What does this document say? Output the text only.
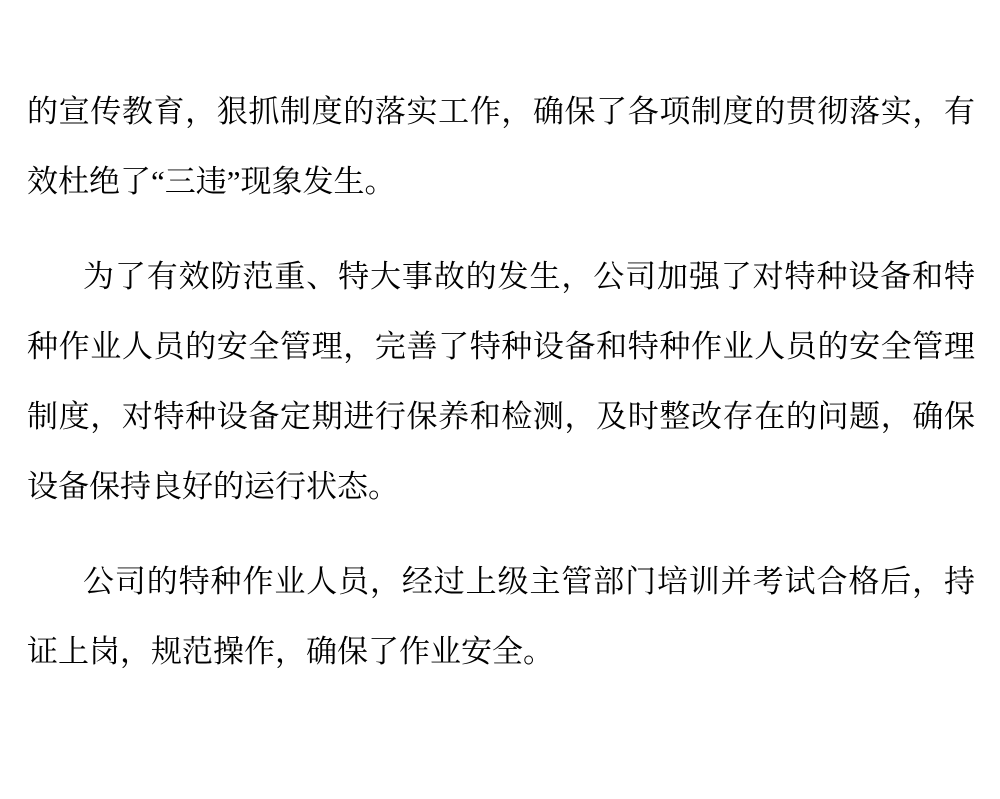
的宣传教育，狠抓制度的落实工作，确保了各项制度的贯彻落实，有
效杜绝了“三违”现象发生。
为了有效防范重、特大事故的发生，公司加强了对特种设备和特
种作业人员的安全管理，完善了特种设备和特种作业人员的安全管理
制度，对特种设备定期进行保养和检测，及时整改存在的问题，确保
设备保持良好的运行状态。
公司的特种作业人员，经过上级主管部门培训并考试合格后，持
证上岗，规范操作，确保了作业安全。
